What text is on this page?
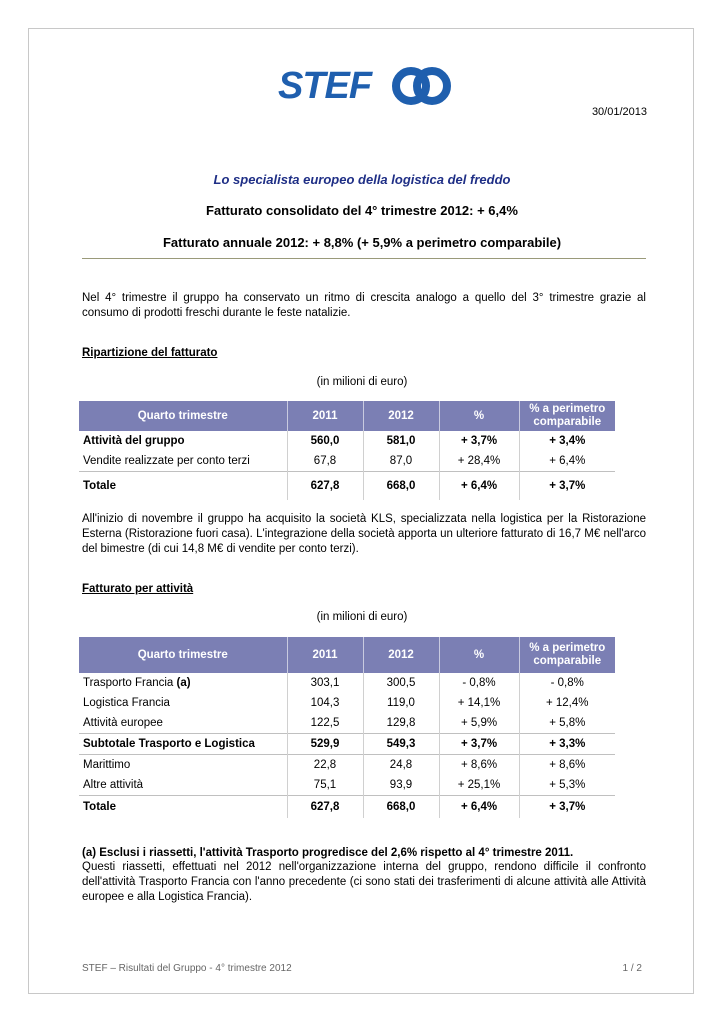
STEF
30/01/2013
Lo specialista europeo della logistica del freddo
Fatturato consolidato del 4° trimestre 2012: + 6,4%
Fatturato annuale 2012: + 8,8% (+ 5,9% a perimetro comparabile)
Nel 4° trimestre il gruppo ha conservato un ritmo di crescita analogo a quello del 3° trimestre grazie al consumo di prodotti freschi durante le feste natalizie.
Ripartizione del fatturato
(in milioni di euro)
Quarto trimestre	2011	2012	%	% a perimetro comparabile
Attività del gruppo	560,0	581,0	+ 3,7%	+ 3,4%
Vendite realizzate per conto terzi	67,8	87,0	+ 28,4%	+ 6,4%
Totale	627,8	668,0	+ 6,4%	+ 3,7%
All'inizio di novembre il gruppo ha acquisito la società KLS, specializzata nella logistica per la Ristorazione Esterna (Ristorazione fuori casa). L'integrazione della società apporta un ulteriore fatturato di 16,7 M€ nell'arco del bimestre (di cui 14,8 M€ di vendite per conto terzi).
Fatturato per attività
(in milioni di euro)
Quarto trimestre	2011	2012	%	% a perimetro comparabile
Trasporto Francia (a)	303,1	300,5	- 0,8%	- 0,8%
Logistica Francia	104,3	119,0	+ 14,1%	+ 12,4%
Attività europee	122,5	129,8	+ 5,9%	+ 5,8%
Subtotale Trasporto e Logistica	529,9	549,3	+ 3,7%	+ 3,3%
Marittimo	22,8	24,8	+ 8,6%	+ 8,6%
Altre attività	75,1	93,9	+ 25,1%	+ 5,3%
Totale	627,8	668,0	+ 6,4%	+ 3,7%
(a) Esclusi i riassetti, l'attività Trasporto progredisce del 2,6% rispetto al 4° trimestre 2011.
Questi riassetti, effettuati nel 2012 nell'organizzazione interna del gruppo, rendono difficile il confronto dell'attività Trasporto Francia con l'anno precedente (ci sono stati dei trasferimenti di alcune attività alle Attività europee e alla Logistica Francia).
STEF – Risultati del Gruppo - 4° trimestre 2012	1 / 2
